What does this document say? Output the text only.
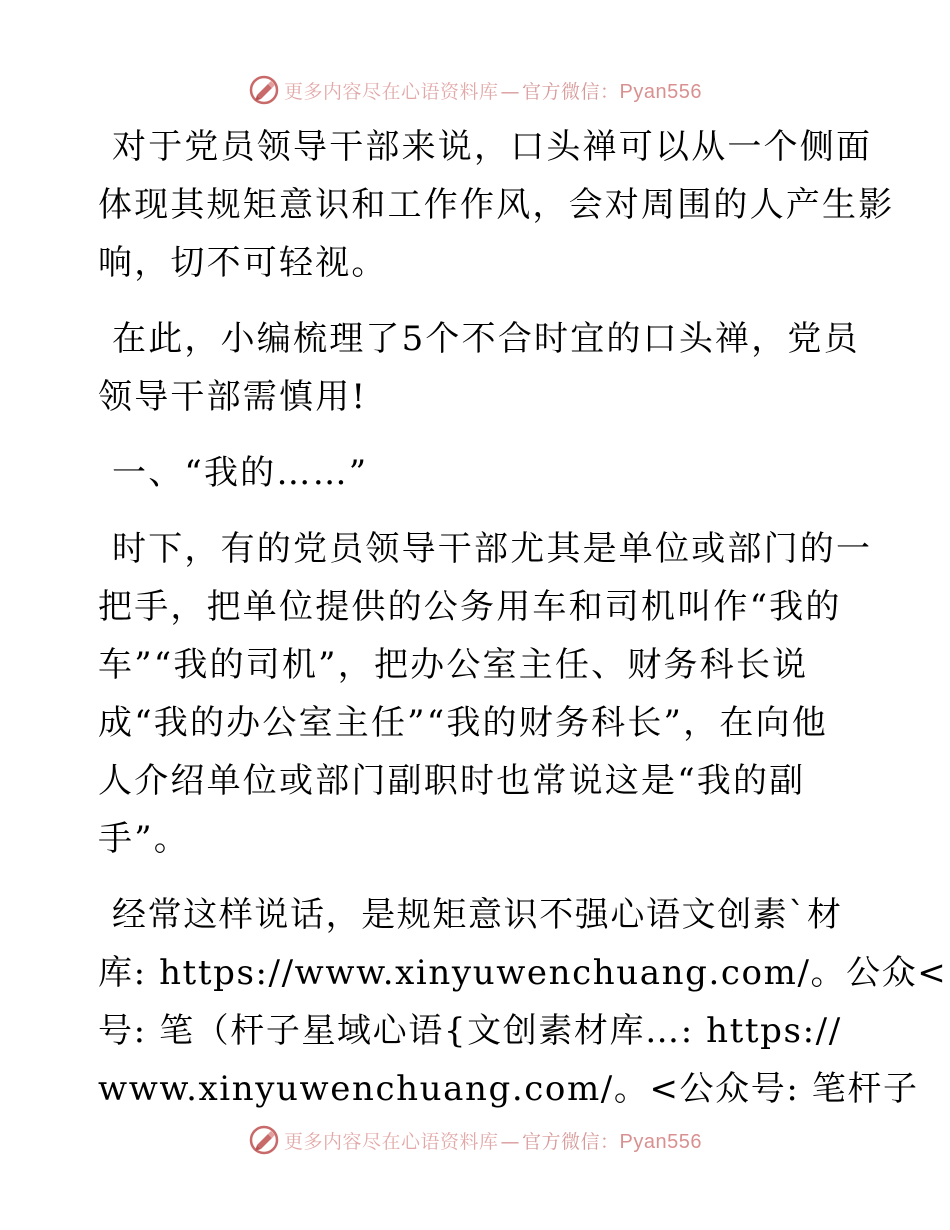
更多内容尽在心语资料库 — 官方微信：Pyan556
对于党员领导干部来说，口头禅可以从一个侧面
体现其规矩意识和工作作风，会对周围的人产生影
响，切不可轻视。
在此，小编梳理了5个不合时宜的口头禅，党员
领导干部需慎用!
一、“我的……”
时下，有的党员领导干部尤其是单位或部门的一
把手，把单位提供的公务用车和司机叫作“我的
车”“我的司机”，把办公室主任、财务科长说
成“我的办公室主任”“我的财务科长”，在向他
人介绍单位或部门副职时也常说这是“我的副
手”。
经常这样说话，是规矩意识不强心语文创素`材
库: https://www.xinyuwenchuang.com/。公众<
号: 笔（杆子星域心语{文创素材库…: https://
www.xinyuwenchuang.com/。<公众号: 笔杆子
更多内容尽在心语资料库 — 官方微信：Pyan556
